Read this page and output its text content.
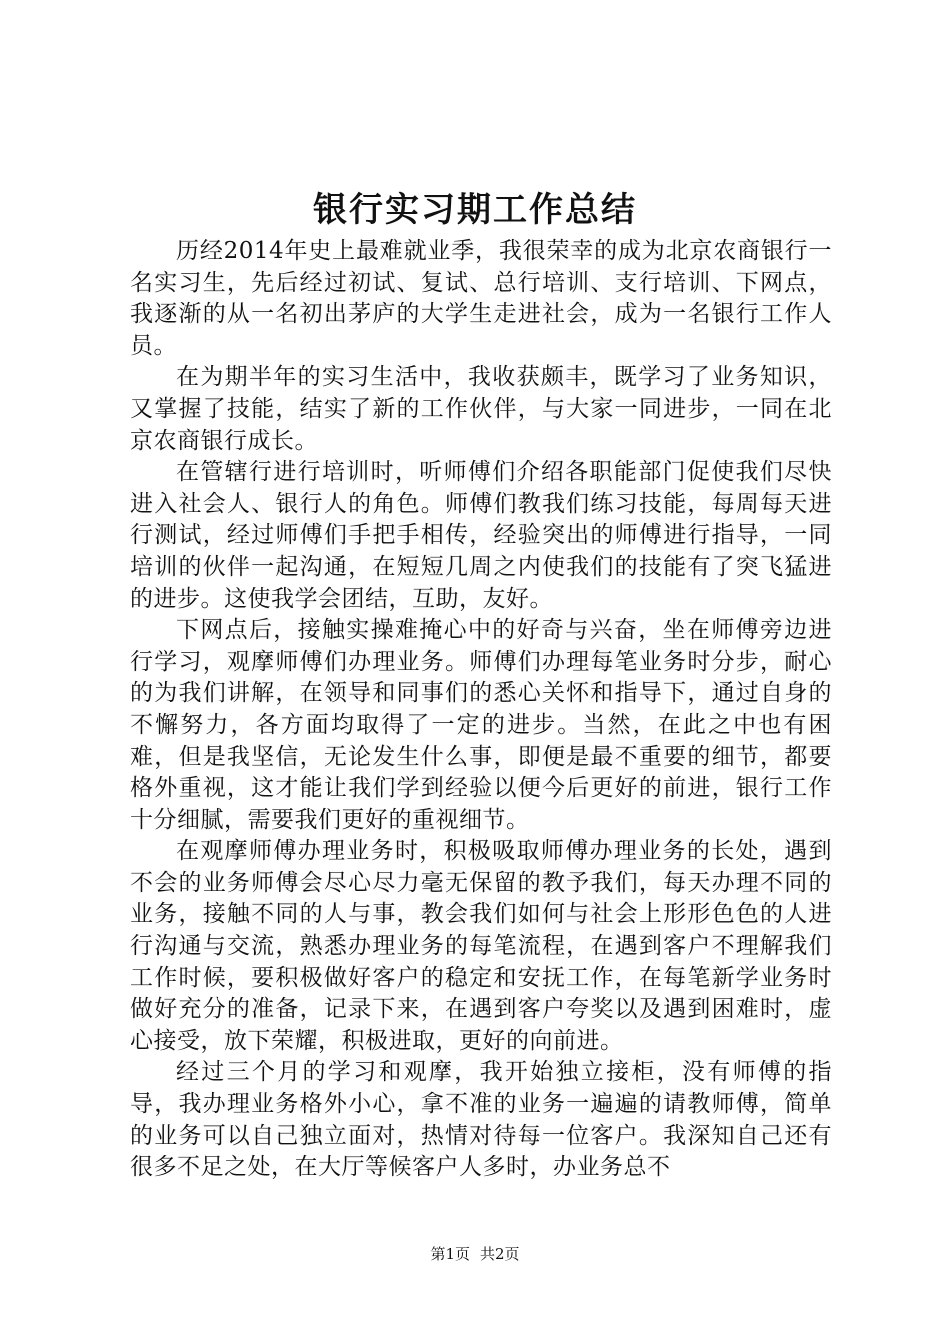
银行实习期工作总结

历经2014年史上最难就业季，我很荣幸的成为北京农商银行一名实习生，先后经过初试、复试、总行培训、支行培训、下网点，我逐渐的从一名初出茅庐的大学生走进社会，成为一名银行工作人员。

在为期半年的实习生活中，我收获颇丰，既学习了业务知识，又掌握了技能，结实了新的工作伙伴，与大家一同进步，一同在北京农商银行成长。

在管辖行进行培训时，听师傅们介绍各职能部门促使我们尽快进入社会人、银行人的角色。师傅们教我们练习技能，每周每天进行测试，经过师傅们手把手相传，经验突出的师傅进行指导，一同培训的伙伴一起沟通，在短短几周之内使我们的技能有了突飞猛进的进步。这使我学会团结，互助，友好。

下网点后，接触实操难掩心中的好奇与兴奋，坐在师傅旁边进行学习，观摩师傅们办理业务。师傅们办理每笔业务时分步，耐心的为我们讲解，在领导和同事们的悉心关怀和指导下，通过自身的不懈努力，各方面均取得了一定的进步。当然，在此之中也有困难，但是我坚信，无论发生什么事，即便是最不重要的细节，都要格外重视，这才能让我们学到经验以便今后更好的前进，银行工作十分细腻，需要我们更好的重视细节。

在观摩师傅办理业务时，积极吸取师傅办理业务的长处，遇到不会的业务师傅会尽心尽力毫无保留的教予我们，每天办理不同的业务，接触不同的人与事，教会我们如何与社会上形形色色的人进行沟通与交流，熟悉办理业务的每笔流程，在遇到客户不理解我们工作时候，要积极做好客户的稳定和安抚工作，在每笔新学业务时做好充分的准备，记录下来，在遇到客户夸奖以及遇到困难时，虚心接受，放下荣耀，积极进取，更好的向前进。

经过三个月的学习和观摩，我开始独立接柜，没有师傅的指导，我办理业务格外小心，拿不准的业务一遍遍的请教师傅，简单的业务可以自己独立面对，热情对待每一位客户。我深知自己还有很多不足之处，在大厅等候客户人多时，办业务总不

第1页 共2页
